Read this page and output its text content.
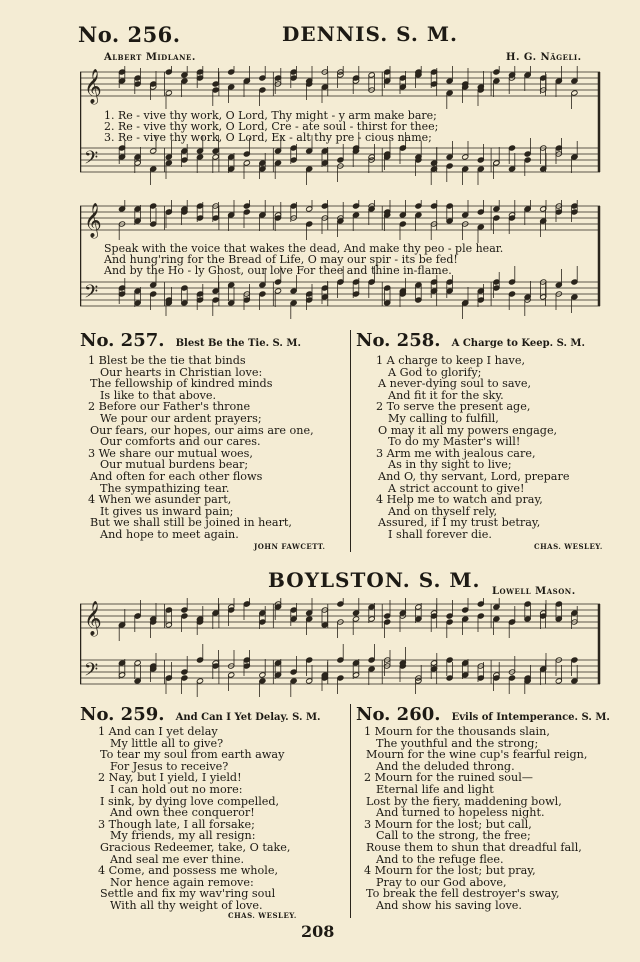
No. 256.	DENNIS. S. M.
Albert Midlane.	H. G. Nägeli.
𝄞
𝄢
1. Re - vive thy work, O Lord, Thy might - y arm make bare;
2. Re - vive thy work, O Lord, Cre - ate soul - thirst for thee;
3. Re - vive thy work, O Lord, Ex - alt thy pre - cious name;
𝄞
𝄢
Speak with the voice that wakes the dead, And make thy peo - ple hear.
And hung'ring for the Bread of Life, O may our spir - its be fed!
And by the Ho - ly Ghost, our love For thee and thine in-flame.
No. 257. Blest Be the Tie. S. M.
1 Blest be the tie that binds
Our hearts in Christian love:
The fellowship of kindred minds
Is like to that above.
2 Before our Father's throne
We pour our ardent prayers;
Our fears, our hopes, our aims are one,
Our comforts and our cares.
3 We share our mutual woes,
Our mutual burdens bear;
And often for each other flows
The sympathizing tear.
4 When we asunder part,
It gives us inward pain;
But we shall still be joined in heart,
And hope to meet again.
JOHN FAWCETT.
No. 258. A Charge to Keep. S. M.
1 A charge to keep I have,
A God to glorify;
A never-dying soul to save,
And fit it for the sky.
2 To serve the present age,
My calling to fulfill,
O may it all my powers engage,
To do my Master's will!
3 Arm me with jealous care,
As in thy sight to live;
And O, thy servant, Lord, prepare
A strict account to give!
4 Help me to watch and pray,
And on thyself rely,
Assured, if I my trust betray,
I shall forever die.
CHAS. WESLEY.
BOYLSTON. S. M. Lowell Mason.
𝄞
𝄢
No. 259. And Can I Yet Delay. S. M.
1 And can I yet delay
My little all to give?
To tear my soul from earth away
For Jesus to receive?
2 Nay, but I yield, I yield!
I can hold out no more:
I sink, by dying love compelled,
And own thee conqueror!
3 Though late, I all forsake;
My friends, my all resign:
Gracious Redeemer, take, O take,
And seal me ever thine.
4 Come, and possess me whole,
Nor hence again remove:
Settle and fix my wav'ring soul
With all thy weight of love.
CHAS. WESLEY.
No. 260. Evils of Intemperance. S. M.
1 Mourn for the thousands slain,
The youthful and the strong;
Mourn for the wine cup's fearful reign,
And the deluded throng.
2 Mourn for the ruined soul—
Eternal life and light
Lost by the fiery, maddening bowl,
And turned to hopeless night.
3 Mourn for the lost; but call,
Call to the strong, the free;
Rouse them to shun that dreadful fall,
And to the refuge flee.
4 Mourn for the lost; but pray,
Pray to our God above,
To break the fell destroyer's sway,
And show his saving love.
208
